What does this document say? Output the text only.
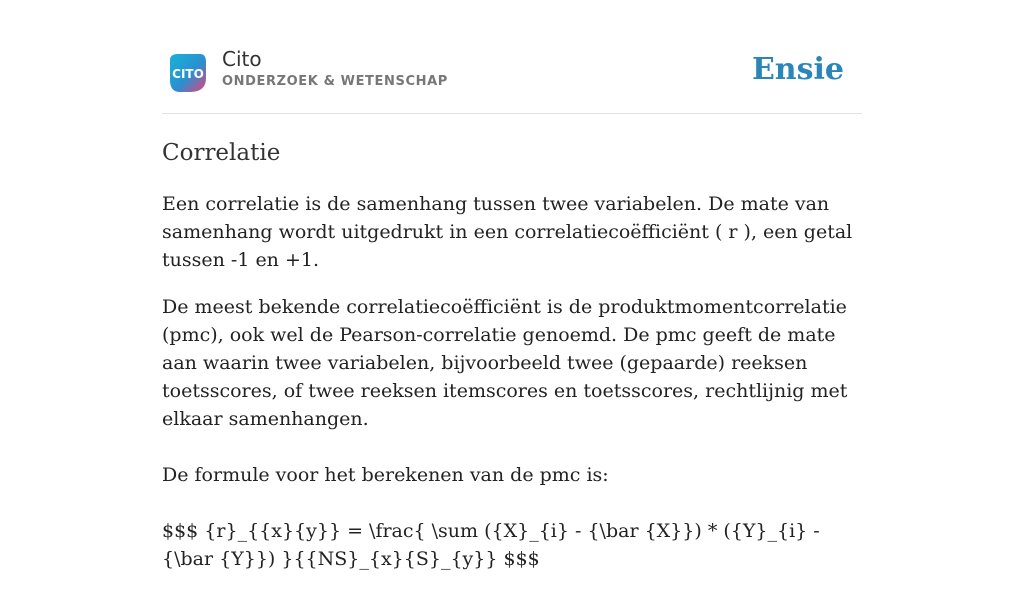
CITO
Cito
ONDERZOEK & WETENSCHAP	Ensie
Correlatie

Een correlatie is de samenhang tussen twee variabelen. De mate van samenhang wordt uitgedrukt in een correlatiecoëfficiënt ( r ), een getal tussen -1 en +1.

De meest bekende correlatiecoëfficiënt is de produktmomentcorrelatie (pmc), ook wel de Pearson-correlatie genoemd. De pmc geeft de mate aan waarin twee variabelen, bijvoorbeeld twee (gepaarde) reeksen toetsscores, of twee reeksen itemscores en toetsscores, rechtlijnig met elkaar samenhangen.

De formule voor het berekenen van de pmc is:

$$$ {r}_{{x}{y}} = \frac{ \sum ({X}_{i} - {\bar {X}}) * ({Y}_{i} - {\bar {Y}}) }{{NS}_{x}{S}_{y}} $$$
